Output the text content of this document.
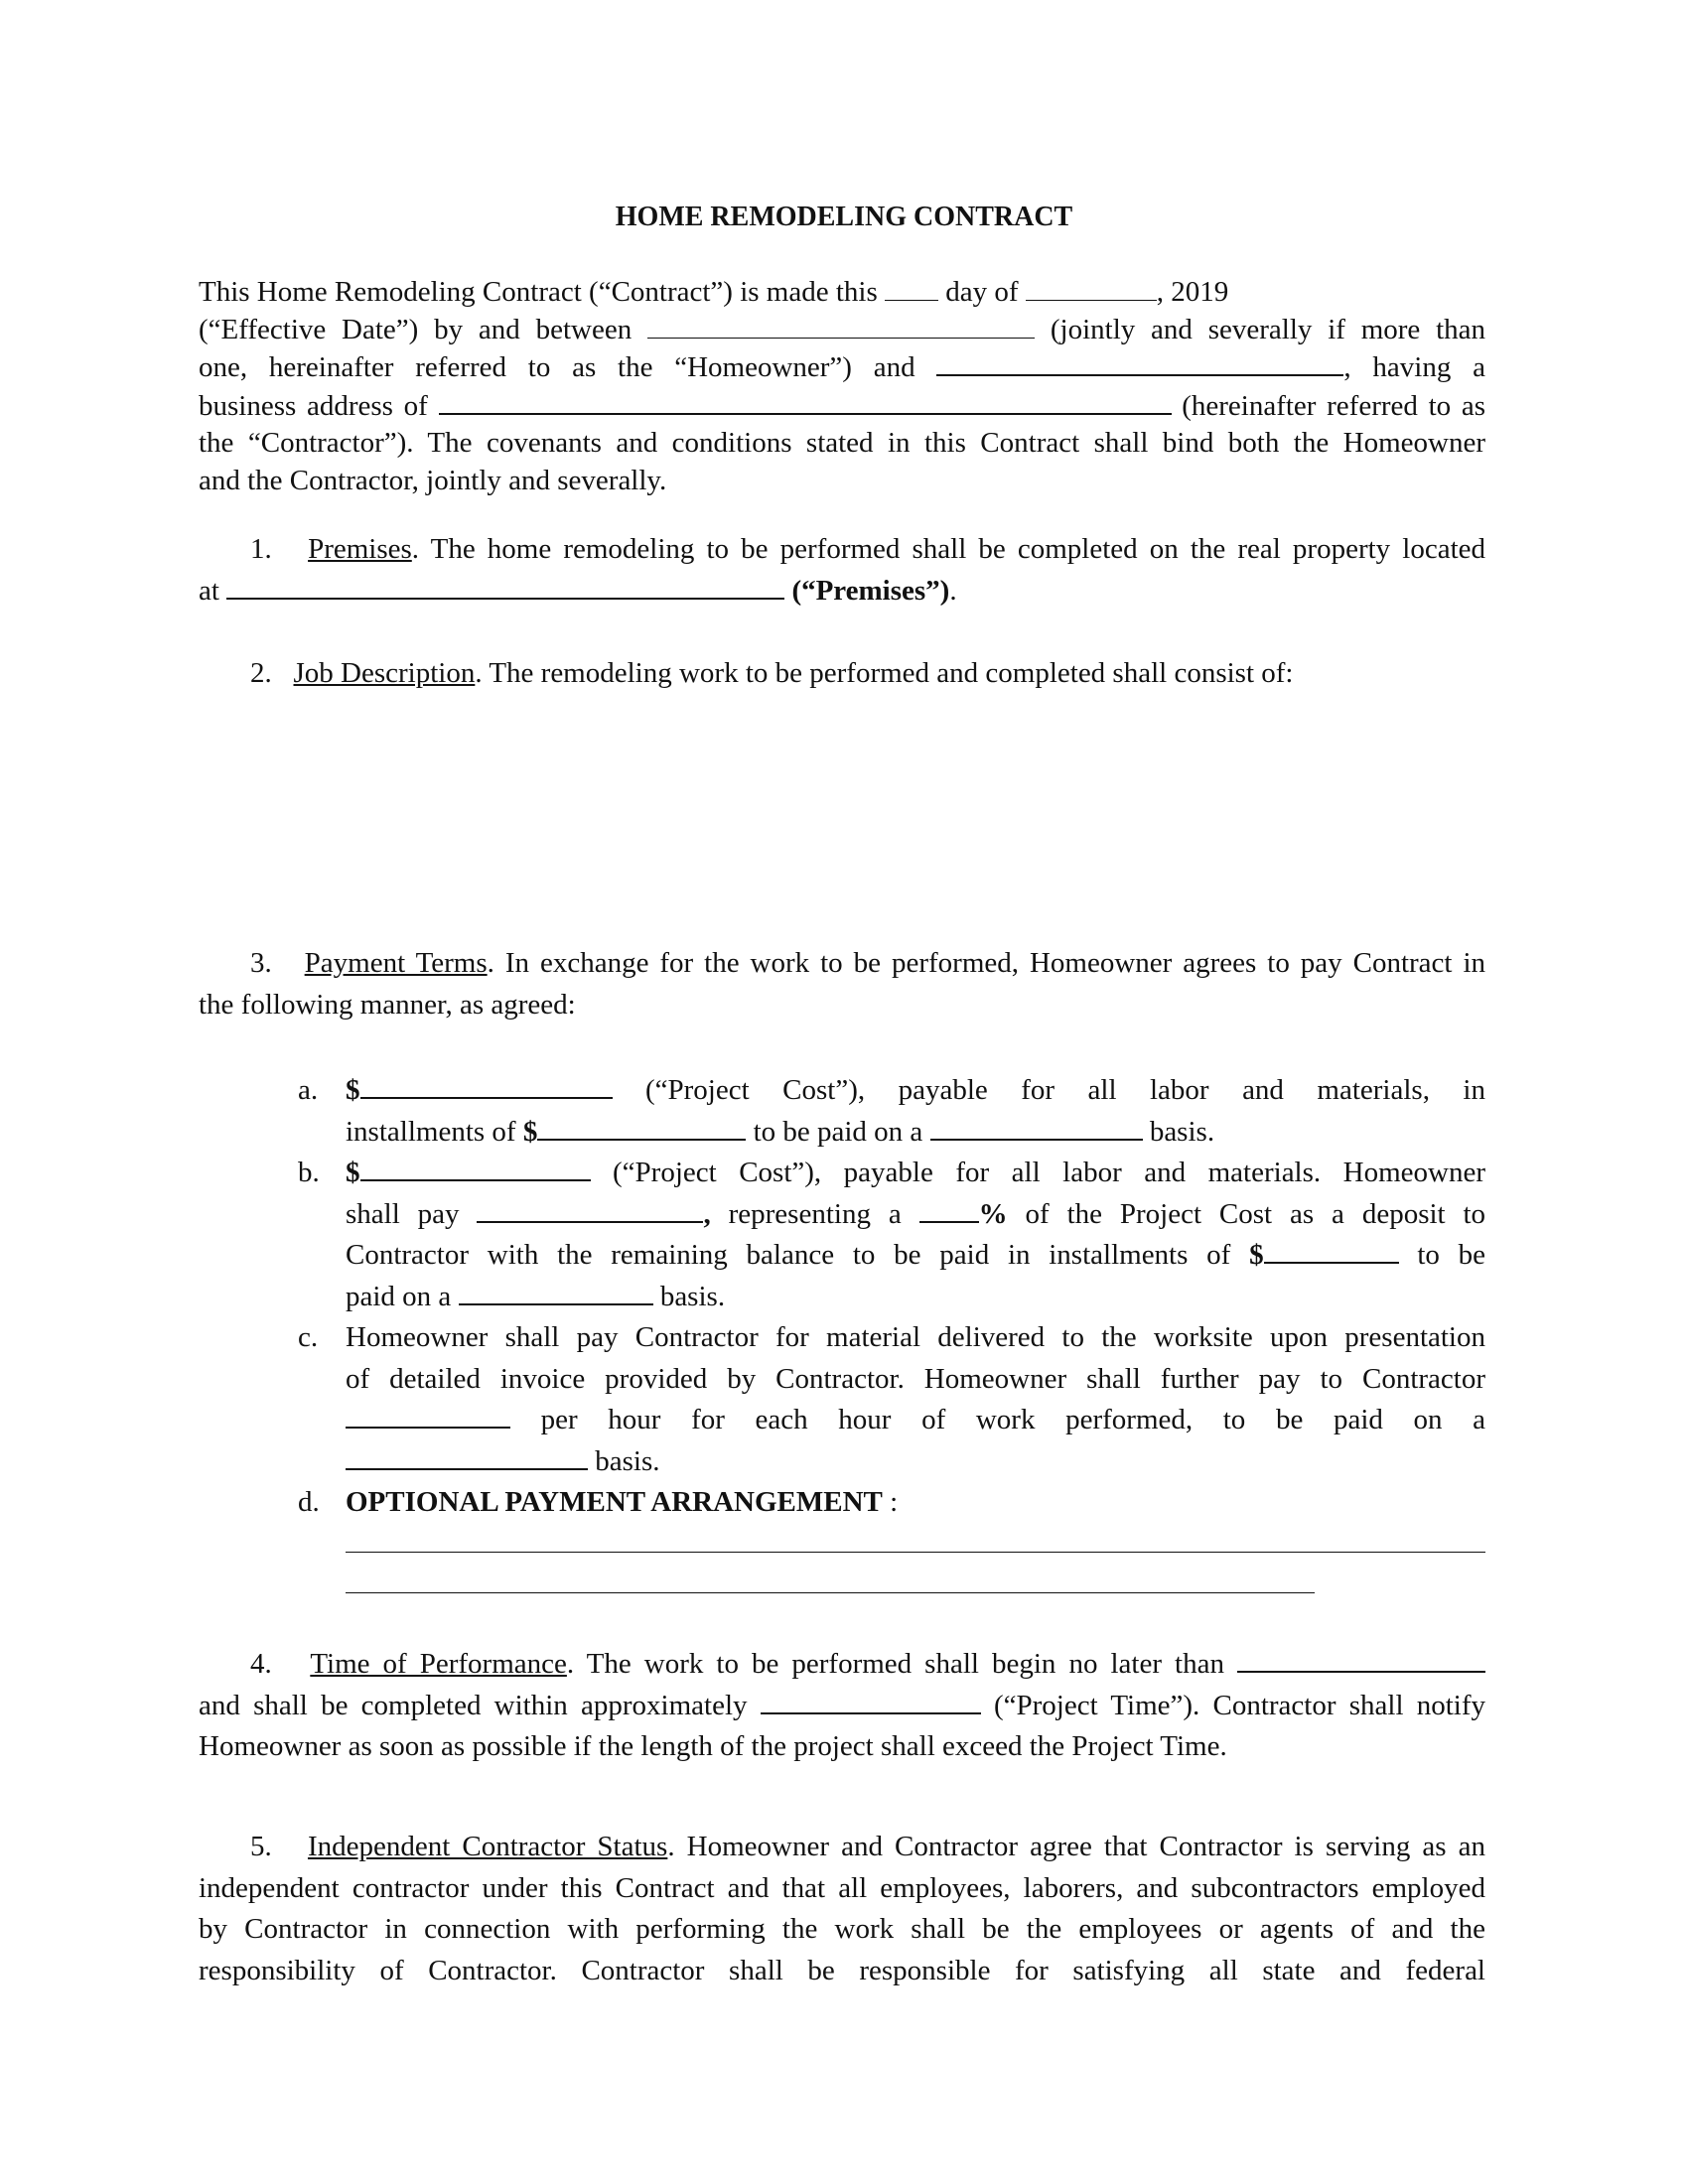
HOME REMODELING CONTRACT
This Home Remodeling Contract (“Contract”) is made this day of	, 2019
(“Effective Date”) by and between	(jointly and severally if more than
one, hereinafter referred to as the “Homeowner”) and	, having a
business address of	(hereinafter referred to as
the “Contractor”). The covenants and conditions stated in this Contract shall bind both the Homeowner
and the Contractor, jointly and severally.
1. Premises. The home remodeling to be performed shall be completed on the real property located
at	(“Premises”).
2. Job Description. The remodeling work to be performed and completed shall consist of:
3. Payment Terms. In exchange for the work to be performed, Homeowner agrees to pay Contract in
the following manner, as agreed:
a. $	(“Project Cost”), payable for all labor and materials, in
installments of $	to be paid on a	basis.
b. $	(“Project Cost”), payable for all labor and materials. Homeowner
shall pay	, representing a	% of the Project Cost as a deposit to
Contractor with the remaining balance to be paid in installments of $	to be
paid on a	basis.
c. Homeowner shall pay Contractor for material delivered to the worksite upon presentation
of detailed invoice provided by Contractor. Homeowner shall further pay to Contractor
per hour for each hour of work performed, to be paid on a
basis.
d. OPTIONAL PAYMENT ARRANGEMENT :
4. Time of Performance. The work to be performed shall begin no later than
and shall be completed within approximately	(“Project Time”). Contractor shall notify
Homeowner as soon as possible if the length of the project shall exceed the Project Time.
5. Independent Contractor Status. Homeowner and Contractor agree that Contractor is serving as an
independent contractor under this Contract and that all employees, laborers, and subcontractors employed
by Contractor in connection with performing the work shall be the employees or agents of and the
responsibility of Contractor. Contractor shall be responsible for satisfying all state and federal
